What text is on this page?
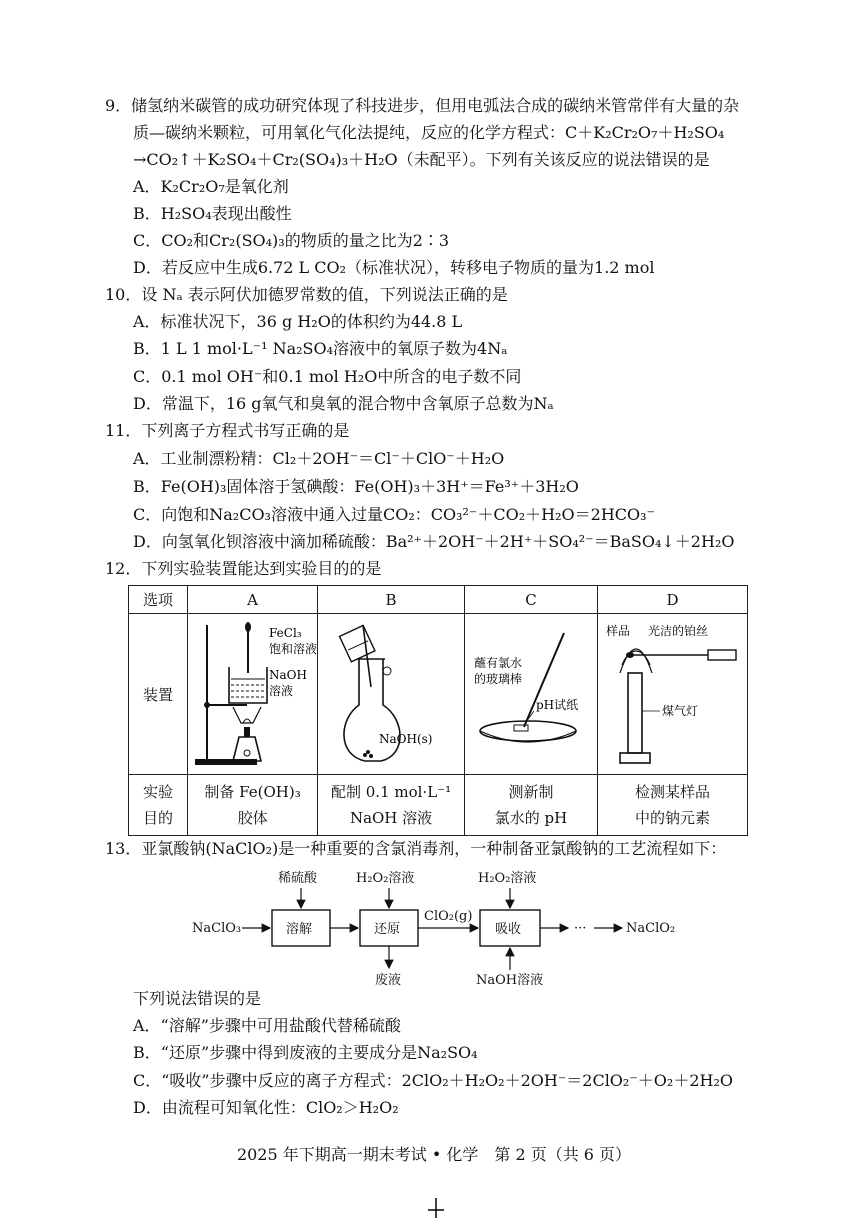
9．储氢纳米碳管的成功研究体现了科技进步，但用电弧法合成的碳纳米管常伴有大量的杂
质—碳纳米颗粒，可用氧化气化法提纯，反应的化学方程式：C＋K₂Cr₂O₇＋H₂SO₄
→CO₂↑＋K₂SO₄＋Cr₂(SO₄)₃＋H₂O（未配平）。下列有关该反应的说法错误的是
A．K₂Cr₂O₇是氧化剂
B．H₂SO₄表现出酸性
C．CO₂和Cr₂(SO₄)₃的物质的量之比为2∶3
D．若反应中生成6.72 L CO₂（标准状况），转移电子物质的量为1.2 mol
10．设 Nₐ 表示阿伏加德罗常数的值，下列说法正确的是
A．标准状况下，36 g H₂O的体积约为44.8 L
B．1 L 1 mol·L⁻¹ Na₂SO₄溶液中的氧原子数为4Nₐ
C．0.1 mol OH⁻和0.1 mol H₂O中所含的电子数不同
D．常温下，16 g氧气和臭氧的混合物中含氧原子总数为Nₐ
11．下列离子方程式书写正确的是
A．工业制漂粉精：Cl₂＋2OH⁻＝Cl⁻＋ClO⁻＋H₂O
B．Fe(OH)₃固体溶于氢碘酸：Fe(OH)₃＋3H⁺＝Fe³⁺＋3H₂O
C．向饱和Na₂CO₃溶液中通入过量CO₂：CO₃²⁻＋CO₂＋H₂O＝2HCO₃⁻
D．向氢氧化钡溶液中滴加稀硫酸：Ba²⁺＋2OH⁻＋2H⁺＋SO₄²⁻＝BaSO₄↓＋2H₂O
12．下列实验装置能达到实验目的的是
选项	A	B	C	D
装置	FeCl₃
饱和溶液
NaOH
溶液	NaOH(s)	蘸有氯水
的玻璃棒
pH试纸	样品 光洁的铂丝
煤气灯

实验
目的	制备 Fe(OH)₃
胶体	配制 0.1 mol·L⁻¹
NaOH 溶液	测新制
氯水的 pH	检测某样品
中的钠元素
13．亚氯酸钠(NaClO₂)是一种重要的含氯消毒剂，一种制备亚氯酸钠的工艺流程如下：
NaClO₃	溶解
稀硫酸
还原
H₂O₂溶液
废液
ClO₂(g)
吸收
H₂O₂溶液
NaOH溶液
···	NaClO₂
下列说法错误的是
A．“溶解”步骤中可用盐酸代替稀硫酸
B．“还原”步骤中得到废液的主要成分是Na₂SO₄
C．“吸收”步骤中反应的离子方程式：2ClO₂＋H₂O₂＋2OH⁻＝2ClO₂⁻＋O₂＋2H₂O
D．由流程可知氧化性：ClO₂＞H₂O₂
2025 年下期高一期末考试 • 化学　第 2 页（共 6 页）
